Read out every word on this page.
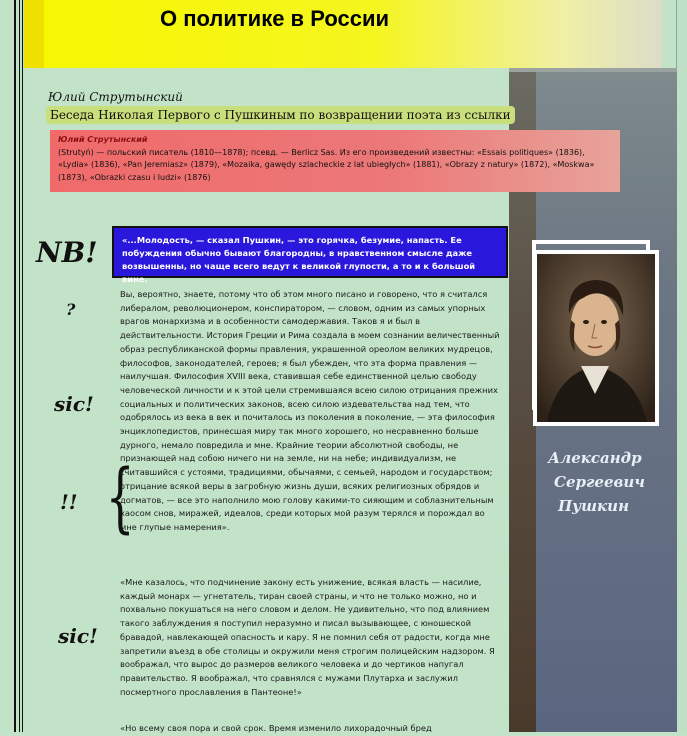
О политике в России
Юлий Струтынский
Беседа Николая Первого с Пушкиным по возвращении поэта из ссылки
Юлий Струтынский
(Strutyń) — польский писатель (1810—1878); псевд. — Berlicz Sas. Из его произведений известны: «Essais politiques» (1836), «Lydia» (1836), «Pan Jeremiasz» (1879), «Mozaika, gawędy szlacheckie z lat ubiegłych» (1881), «Obrazy z natury» (1872), «Moskwa» (1873), «Obrazki czasu i ludzi» (1876)
NB!
?
sic!
!! {
sic!
«...Молодость, — сказал Пушкин, — это горячка, безумие, напасть. Ее побуждения обычно бывают благородны, в нравственном смысле даже возвышенны, но чаще всего ведут к великой глупости, а то и к большой вине.
Вы, вероятно, знаете, потому что об этом много писано и говорено, что я считался либералом, революционером, конспиратором, — словом, одним из самых упорных врагов монархизма и в особенности самодержавия. Таков я и был в действительности. История Греции и Рима создала в моем сознании величественный образ республиканской формы правления, украшенной ореолом великих мудрецов, философов, законодателей, героев; я был убежден, что эта форма правления — наилучшая. Философия XVIII века, ставившая себе единственной целью свободу человеческой личности и к этой цели стремившаяся всею силою отрицания прежних социальных и политических законов, всею силою издевательства над тем, что одобрялось из века в век и почиталось из поколения в поколение, — эта философия энциклопедистов, принесшая миру так много хорошего, но несравненно больше дурного, немало повредила и мне. Крайние теории абсолютной свободы, не признающей над собою ничего ни на земле, ни на небе; индивидуализм, не считавшийся с устоями, традициями, обычаями, с семьей, народом и государством; отрицание всякой веры в загробную жизнь души, всяких религиозных обрядов и догматов, — все это наполнило мою голову какими-то сияющим и соблазнительным хаосом снов, миражей, идеалов, среди которых мой разум терялся и порождал во мне глупые намерения».
«Мне казалось, что подчинение закону есть унижение, всякая власть — насилие, каждый монарх — угнетатель, тиран своей страны, и что не только можно, но и похвально покушаться на него словом и делом. Не удивительно, что под влиянием такого заблуждения я поступил неразумно и писал вызывающее, с юношеской бравадой, навлекающей опасность и кару. Я не помнил себя от радости, когда мне запретили въезд в обе столицы и окружили меня строгим полицейским надзором. Я воображал, что вырос до размеров великого человека и до чертиков напугал правительство. Я воображал, что сравнялся с мужами Плутарха и заслужил посмертного прославления в Пантеоне!»
«Но всему своя пора и свой срок. Время изменило лихорадочный бред
Александр
Сергеевич
Пушкин
